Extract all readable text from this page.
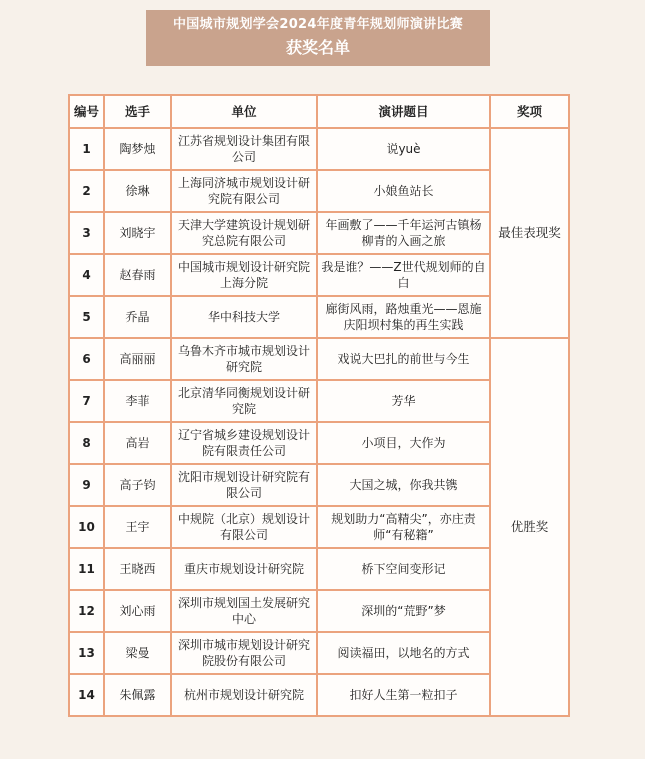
中国城市规划学会2024年度青年规划师演讲比赛
获奖名单
编号	选手	单位	演讲题目	奖项
1	陶梦烛	江苏省规划设计集团有限公司	说yuè	最佳表现奖
2	徐琳	上海同济城市规划设计研究院有限公司	小娘鱼站长	
3	刘晓宇	天津大学建筑设计规划研究总院有限公司	年画敷了——千年运河古镇杨柳青的入画之旅	
4	赵春雨	中国城市规划设计研究院上海分院	我是谁？——Z世代规划师的自白	
5	乔晶	华中科技大学	廊街风雨，路烛重光——恩施庆阳坝村集的再生实践	
6	高丽丽	乌鲁木齐市城市规划设计研究院	戏说大巴扎的前世与今生	优胜奖
7	李菲	北京清华同衡规划设计研究院	芳华	
8	高岩	辽宁省城乡建设规划设计院有限责任公司	小项目，大作为	
9	高子钧	沈阳市规划设计研究院有限公司	大国之城，你我共镌	
10	王宇	中规院（北京）规划设计有限公司	规划助力“高精尖”，亦庄责师“有秘籍”	
11	王晓西	重庆市规划设计研究院	桥下空间变形记	
12	刘心雨	深圳市规划国土发展研究中心	深圳的“荒野”梦	
13	梁曼	深圳市城市规划设计研究院股份有限公司	阅读福田，以地名的方式	
14	朱佩露	杭州市规划设计研究院	扣好人生第一粒扣子	
